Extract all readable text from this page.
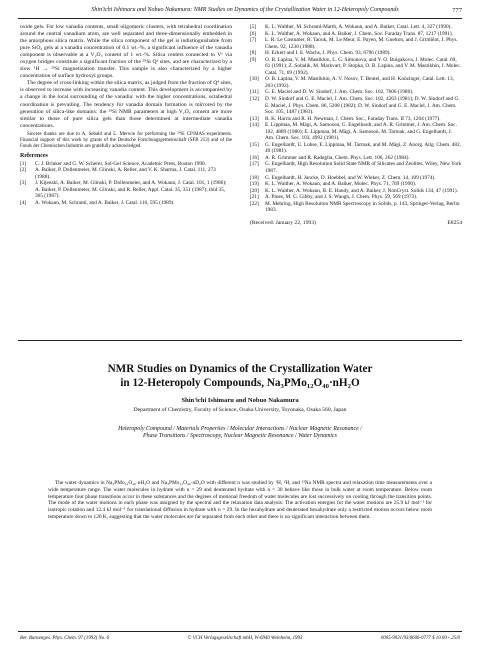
Shin'ichi Ishimaru and Nobuo Nakamura: NMR Studies on Dynamics of the Crystallization Water in 12-Heteropoly Compounds	777

oxide gels. For low vanadia contents, small oligomeric clusters, with tetrahedral coordination around the central vanadium atom, are well separated and three-dimensionally embedded in the amorphous silica matrix. While the silica component of the gel is indistinguishable from pure SiO₂ gels at a vanadia concentration of 0.1 wt.-%, a significant influence of the vanadia component is observable at a V₂O₅ content of 1 wt.-%. Silica centers connected to Vᵛ via oxygen bridges constitute a significant fraction of the ²⁹Si Q³ sites, and are characterized by a slow ¹H → ²⁹Si magnetization transfer. This sample is also characterized by a higher concentration of surface hydroxyl groups.

The degree of cross-linking within the silica matrix, as judged from the fraction of Q⁴ sites, is observed to increase with increasing vanadia content. This development is accompanied by a change in the local surrounding of the vanadia: with the higher concentrations, octahedral coordination is prevailing. The tendency for vanadia domain formation is mirrored by the generation of silica-like domains: the ²⁹Si NMR parameters at high V₂O₅ content are more similar to those of pure silica gels than those determined at intermediate vanadia concentrations.

Sincere thanks are due to A. Sebald and L. Merwin for performing the ²⁹Si CP/MAS experiments. Financial support of this work by grants of the Deutsche Forschungsgemeinschaft (SFB 213) and of the Fonds der Chemischen Industrie are gratefully acknowledged.

References
[1]	C. J. Brinker and G. W. Scherer, Sol-Gel Science, Academic Press, Boston 1990.
[2]	A. Baiker, P. Dollenmeier, M. Glinski, A. Reller, and V. K. Sharma, J. Catal. 111, 273 (1988).
[3]	J. Kijenski, A. Baiker, M. Glinski, P. Dollenmeier, and A. Wokaun, J. Catal. 101, 1 (1986); A. Baiker, P. Dollenmeier, M. Glinski, and R. Reller, Appl. Catal. 35, 351 (1987); ibid 35, 365 (1987).
[4]	A. Wokaun, M. Schraml, and A. Baiker, J. Catal. 116, 595 (1989).
[5]	K. L. Walther, M. Schraml-Marth, A. Wokaun, and A. Baiker, Catal. Lett. 4, 327 (1990).
[6]	K. L. Walther, A. Wokaun, and A. Baiker, J. Chem. Soc. Faraday Trans. 87, 1217 (1991).
[7]	L. R. Le Costumer, B. Taouk, M. Le Meur, E. Payen, M. Guelton, and J. Grimblot, J. Phys. Chem. 92, 1230 (1988).
[8]	H. Eckert and I. E. Wachs, J. Phys. Chem. 93, 6796 (1989).
[9]	O. B. Lapina, V. M. Mastikhin, L. G. Simonova, and Y. O. Bulgakova, J. Molec. Catal. 69, 61 (1991); Z. Sobalik, M. Markvart, P. Stopka, O. B. Lapina, and V. M. Mastikhin, J. Molec. Catal. 71, 69 (1992).
[10]	O. B. Lapina, V. M. Mastikhin, A. V. Nosov, T. Beutel, and H. Knözinger, Catal. Lett. 13, 203 (1992).
[11]	G. E. Maciel and D. W. Sindorf, J. Am. Chem. Soc. 102, 7606 (1980).
[12]	D. W. Sindorf and G. E. Maciel, J. Am. Chem. Soc. 102, 4263 (1981); D. W. Sindorf and G. E. Maciel, J. Phys. Chem. 86, 5208 (1982); D. W. Sindorf and G. E. Maciel, J. Am. Chem. Soc. 105, 1487 (1983).
[13]	R. K. Harris and R. H. Newman, J. Chem. Soc., Faraday Trans. II 73, 1204 (1977).
[14]	E. Lippmaa, M. Mägi, A. Samoson, G. Engelhardt, and A. R. Grimmer, J. Am. Chem. Soc. 102, 4889 (1980); E. Lippmaa, M. Mägi, A. Samoson, M. Tarmak, and G. Engelhardt, J. Am. Chem. Soc. 103, 4992 (1981).
[15]	G. Engelhardt, U. Lohse, E. Lippmaa, M. Tarmak, and M. Mägi, Z. Anorg. Allg. Chem. 482, 49 (1981).
[16]	A. R. Grimmer and R. Radeglia, Chem. Phys. Lett. 106, 262 (1984).
[17]	G. Engelhardt, High Resolution Solid State NMR of Silicates and Zeolites, Wiley, New York 1987.
[18]	G. Engelhardt, H. Jancke, D. Hoebbel, and W. Wieker, Z. Chem. 14, 109 (1974).
[19]	K. L. Walther, A. Wokaun, and A. Baiker, Molec. Phys. 71, 769 (1990).
[20]	K. L. Walther, A. Wokaun, B. E. Handy, and A. Baiker, J. NonCryst. Solids 134, 47 (1991).
[21]	A. Pines, M. G. Gibby, and J. S. Waugh, J. Chem. Phys. 59, 569 (1973).
[22]	M. Mehring, High Resolution NMR Spectroscopy in Solids, p. 143, Springer-Verlag, Berlin 1983.
(Received: January 22, 1993)	E8254

NMR Studies on Dynamics of the Crystallization Water
in 12-Heteropoly Compounds, Na₃PMo₁₂O₄₀·nH₂O

Shin'ichi Ishimaru and Nobuo Nakamura
Department of Chemistry, Faculty of Science, Osaka University, Toyonaka, Osaka 560, Japan
Heteropoly Compound / Materials Properties / Molecular Interactions / Nuclear Magnetic Resonance /
Phase Transitions / Spectroscopy, Nuclear Magnetic Resonance / Water Dynamics
The water dynamics in Na₃PMo₁₂O₄₀·nH₂O and Na₃PMo₁₂O₄₀·nD₂O with different n was studied by ¹H, ²H, and ²³Na NMR spectra and relaxation time measurements over a wide temperature range. The water molecules in hydrate with n = 29 and deuterated hydrate with n = 30 behave like those in bulk water at room temperature. Below room temperature four phase transitions occur in these substances and the degrees of motional freedom of water molecules are lost successively on cooling through the transition points. The mode of the water motions in each phase was assigned by the spectral and the relaxation data analysis: The activation energies for the water motions are 25.9 kJ mol⁻¹ for isotropic rotation and 12.4 kJ mol⁻¹ for translational diffusion in hydrate with n = 29. In the hexahydrate and deuterated hexahydrate only a restricted motion occurs below room temperature down to 120 K, suggesting that the water molecules are far separated from each other and there is no significant interaction between them.
Ber. Bunsenges. Phys. Chem. 97 (1993) No. 6	© VCH Verlagsgesellschaft mbH, W-6940 Weinheim, 1993	0005-9021/93/0606-0777 $ 10.00+.25/0
